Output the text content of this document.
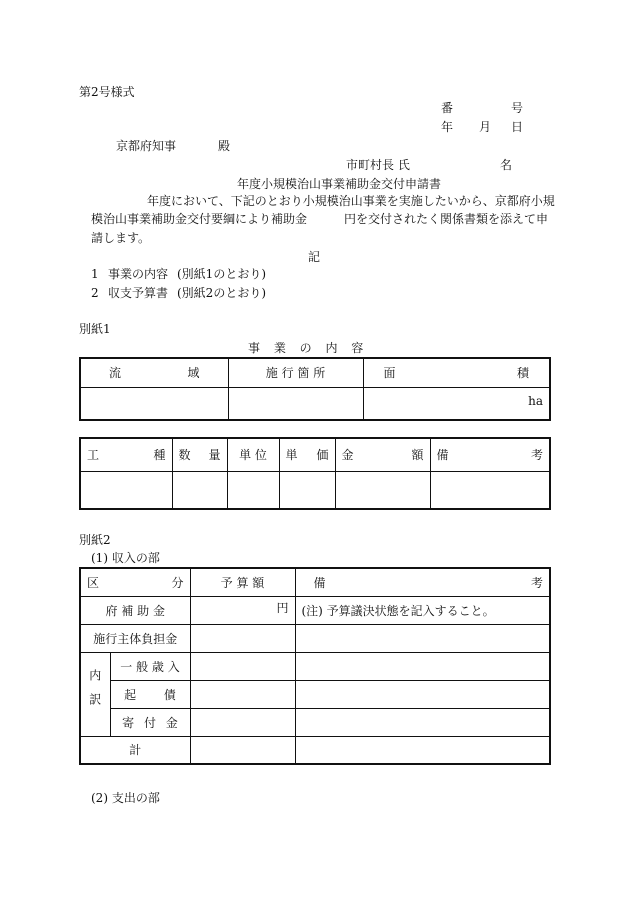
第2号様式
番	号
年 月 日
京都府知事	殿
市町村長 氏	名
年度小規模治山事業補助金交付申請書
年度において、下記のとおり小規模治山事業を実施したいから、京都府小規
模治山事業補助金交付要綱により補助金	円を交付されたく関係書類を添えて申
請します。
記
1 事業の内容 (別紙1のとおり)
2 収支予算書 (別紙2のとおり)
別紙1
事 業 の 内 容
流 域	施 行 箇 所	面 積

		ha
工 種	数 量	単 位	単 価	金 額	備 考

別紙2
(1) 収入の部
区 分		予 算 額	備 考

府 補 助 金		円	(注) 予算議決状態を記入すること。
施行主体負担金			
内訳	一 般 歳 入		
	起 債		
	寄 付 金		
計			
(2) 支出の部
